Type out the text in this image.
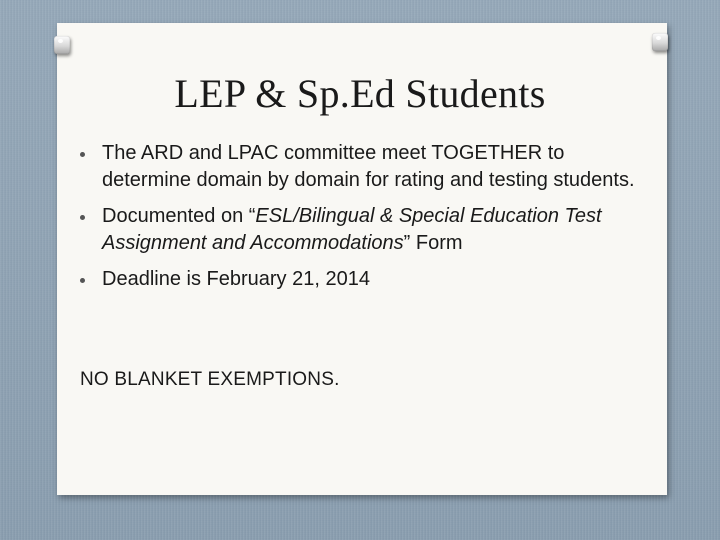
LEP & Sp.Ed Students
The ARD and LPAC committee meet TOGETHER to determine domain by domain for rating and testing students.
Documented on “ESL/Bilingual & Special Education Test Assignment and Accommodations” Form
Deadline is February 21, 2014

NO BLANKET EXEMPTIONS.
